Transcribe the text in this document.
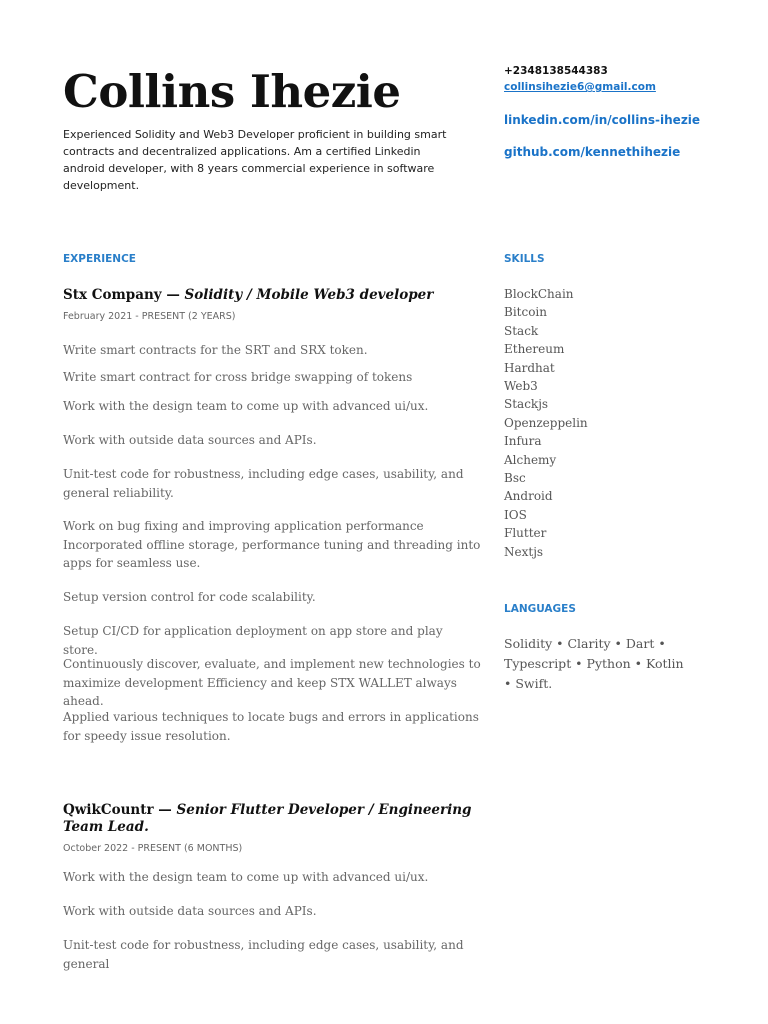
Collins Ihezie

Experienced Solidity and Web3 Developer proficient in building smart contracts and decentralized applications. Am a certified Linkedin android developer, with 8 years commercial experience in software development.

+2348138544383
collinsihezie6@gmail.com
linkedin.com/in/collins-ihezie
github.com/kennethihezie
EXPERIENCE
Stx Company — Solidity / Mobile Web3 developer

February 2021 - PRESENT (2 YEARS)

Write smart contracts for the SRT and SRX token.
Write smart contract for cross bridge swapping of tokens
Work with the design team to come up with advanced ui/ux.
Work with outside data sources and APIs.
Unit-test code for robustness, including edge cases, usability, and general reliability.
Work on bug fixing and improving application performance Incorporated offline storage, performance tuning and threading into apps for seamless use.
Setup version control for code scalability.
Setup CI/CD for application deployment on app store and play store.
Continuously discover, evaluate, and implement new technologies to maximize development Efficiency and keep STX WALLET always ahead.
Applied various techniques to locate bugs and errors in applications for speedy issue resolution.
QwikCountr — Senior Flutter Developer / Engineering Team Lead.

October 2022 - PRESENT (6 MONTHS)

Work with the design team to come up with advanced ui/ux.
Work with outside data sources and APIs.
Unit-test code for robustness, including edge cases, usability, and general
SKILLS
BlockChain
Bitcoin
Stack
Ethereum
Hardhat
Web3
Stackjs
Openzeppelin
Infura
Alchemy
Bsc
Android
IOS
Flutter
Nextjs
LANGUAGES

Solidity • Clarity • Dart • Typescript • Python • Kotlin • Swift.
